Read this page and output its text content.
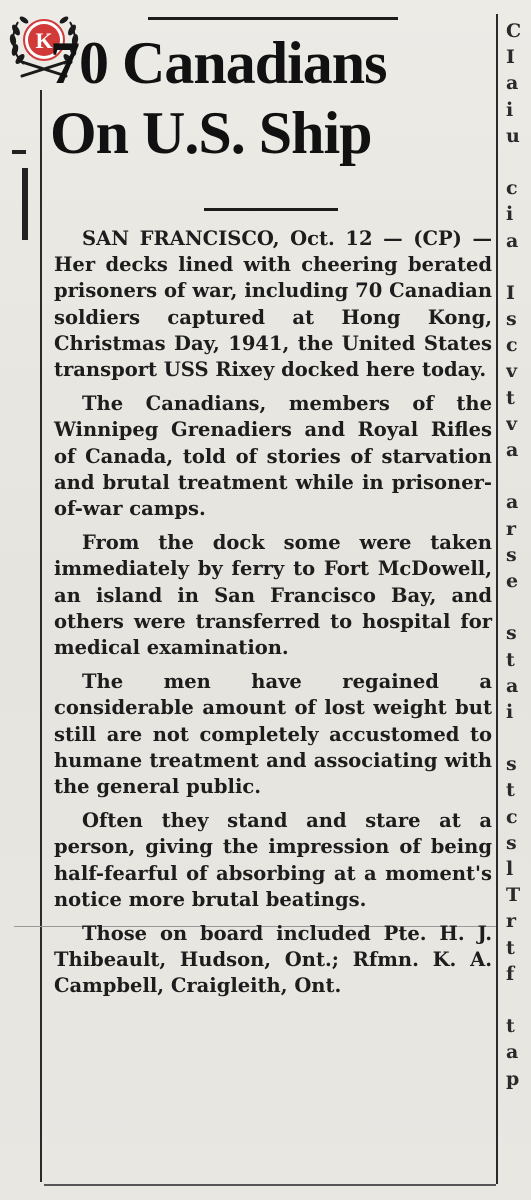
K
70 Canadians
On U.S. Ship

SAN FRANCISCO, Oct. 12 — (CP) — Her decks lined with cheering berated prisoners of war, including 70 Canadian soldiers captured at Hong Kong, Christmas Day, 1941, the United States transport USS Rixey docked here today.

The Canadians, members of the Winnipeg Grenadiers and Royal Rifles of Canada, told of stories of starvation and brutal treatment while in prisoner-of-war camps.

From the dock some were taken immediately by ferry to Fort McDowell, an island in San Francisco Bay, and others were transferred to hospital for medical examination.

The men have regained a considerable amount of lost weight but still are not completely accustomed to humane treatment and associating with the general public.

Often they stand and stare at a person, giving the impression of being half-fearful of absorbing at a moment's notice more brutal beatings.

Those on board included Pte. H. J. Thibeault, Hudson, Ont.; Rfmn. K. A. Campbell, Craigleith, Ont.

C
I
a
i
u
c
i
a
I
s
c
v
t
v
a
a
r
s
e
s
t
a
i
s
t
c
s
l
T
r
t
f
t
a
p
